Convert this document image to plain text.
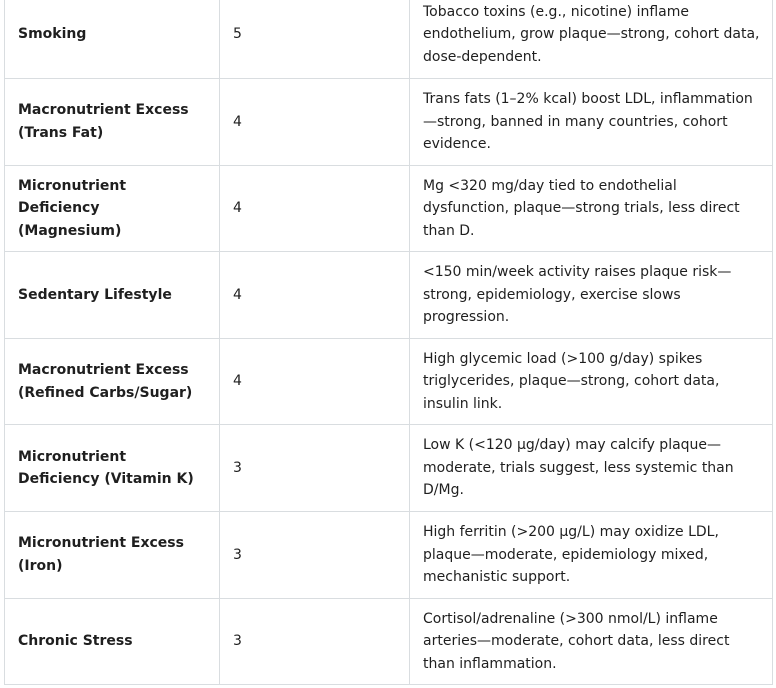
Smoking	5	Tobacco toxins (e.g., nicotine) inflame endothelium, grow plaque—strong, cohort data, dose-dependent.
Macronutrient Excess (Trans Fat)	4	Trans fats (1–2% kcal) boost LDL, inflammation—strong, banned in many countries, cohort evidence.
Micronutrient Deficiency (Magnesium)	4	Mg <320 mg/day tied to endothelial dysfunction, plaque—strong trials, less direct than D.
Sedentary Lifestyle	4	<150 min/week activity raises plaque risk—strong, epidemiology, exercise slows progression.
Macronutrient Excess (Refined Carbs/Sugar)	4	High glycemic load (>100 g/day) spikes triglycerides, plaque—strong, cohort data, insulin link.
Micronutrient Deficiency (Vitamin K)	3	Low K (<120 µg/day) may calcify plaque—moderate, trials suggest, less systemic than D/Mg.
Micronutrient Excess (Iron)	3	High ferritin (>200 µg/L) may oxidize LDL, plaque—moderate, epidemiology mixed, mechanistic support.
Chronic Stress	3	Cortisol/adrenaline (>300 nmol/L) inflame arteries—moderate, cohort data, less direct than inflammation.
